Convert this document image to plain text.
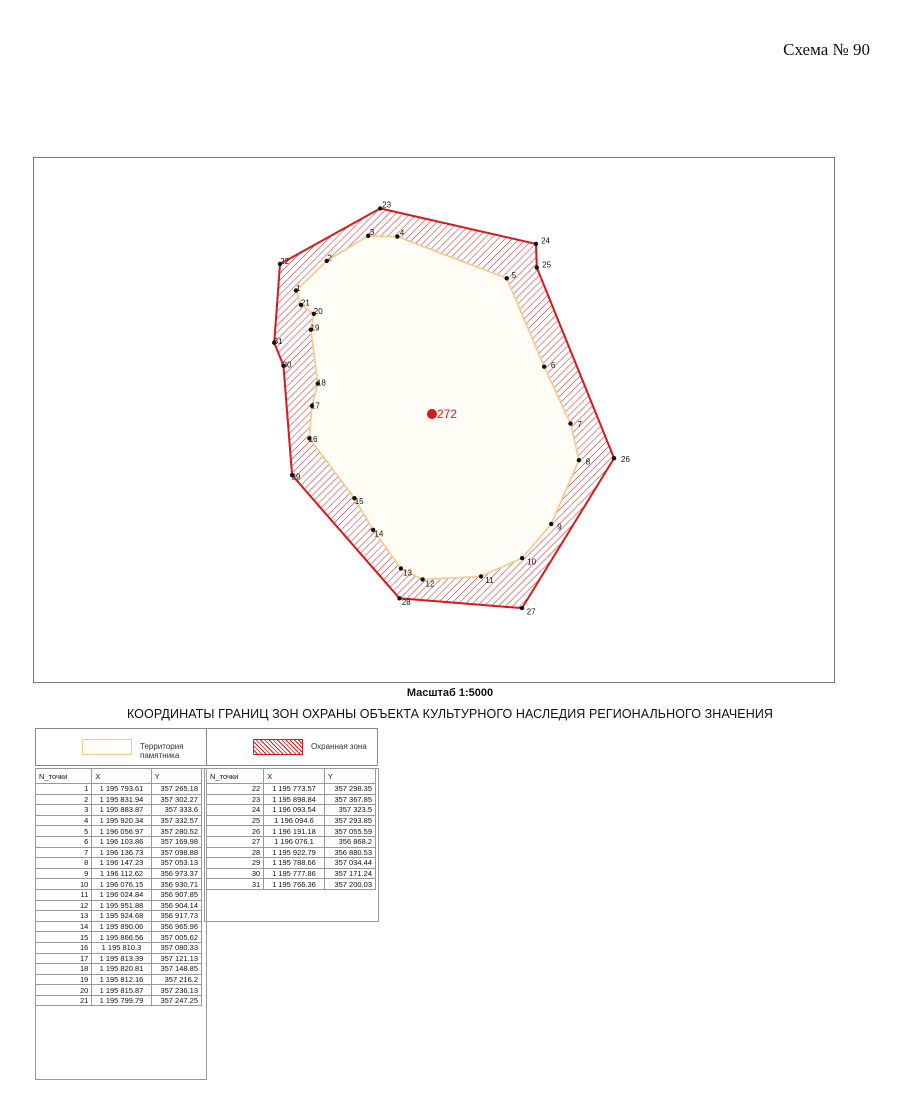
Схема № 90
1
2
3	4
5
6
7
8
9
10
11
12
13
14
15
16
17
18
19
20
21
22
23
24
25
26
27
28
29
30
31
272
Масштаб 1:5000
КООРДИНАТЫ ГРАНИЦ ЗОН ОХРАНЫ ОБЪЕКТА КУЛЬТУРНОГО НАСЛЕДИЯ РЕГИОНАЛЬНОГО ЗНАЧЕНИЯ
Территория памятника
Охранная зона
N_точки	X	Y
1	1 195 793.61	357 265.18
2	1 195 831.94	357 302.27
3	1 195 883.87	357 333.6
4	1 195 920.34	357 332.57
5	1 196 056.97	357 280.52
6	1 196 103.86	357 169.98
7	1 196 136.73	357 098.88
8	1 196 147.23	357 053.13
9	1 196 112.62	356 973.37
10	1 196 076.15	356 930.71
11	1 196 024.84	356 907.85
12	1 195 951.88	356 904.14
13	1 195 924.68	356 917.73
14	1 195 890.06	356 965.96
15	1 195 866.56	357 005.62
16	1 195 810.3	357 080.33
17	1 195 813.39	357 121.13
18	1 195 820.81	357 148.85
19	1 195 812.16	357 216.2
20	1 195 815.87	357 236.13
21	1 195 799.79	357 247.25
N_точки	X	Y
22	1 195 773.57	357 298.35
23	1 195 898.84	357 367.85
24	1 196 093.54	357 323.5
25	1 196 094.6	357 293.85
26	1 196 191.18	357 055.59
27	1 196 076.1	356 868.2
28	1 195 922.79	356 880.53
29	1 195 788.66	357 034.44
30	1 195 777.86	357 171.24
31	1 195 766.36	357 200.03
